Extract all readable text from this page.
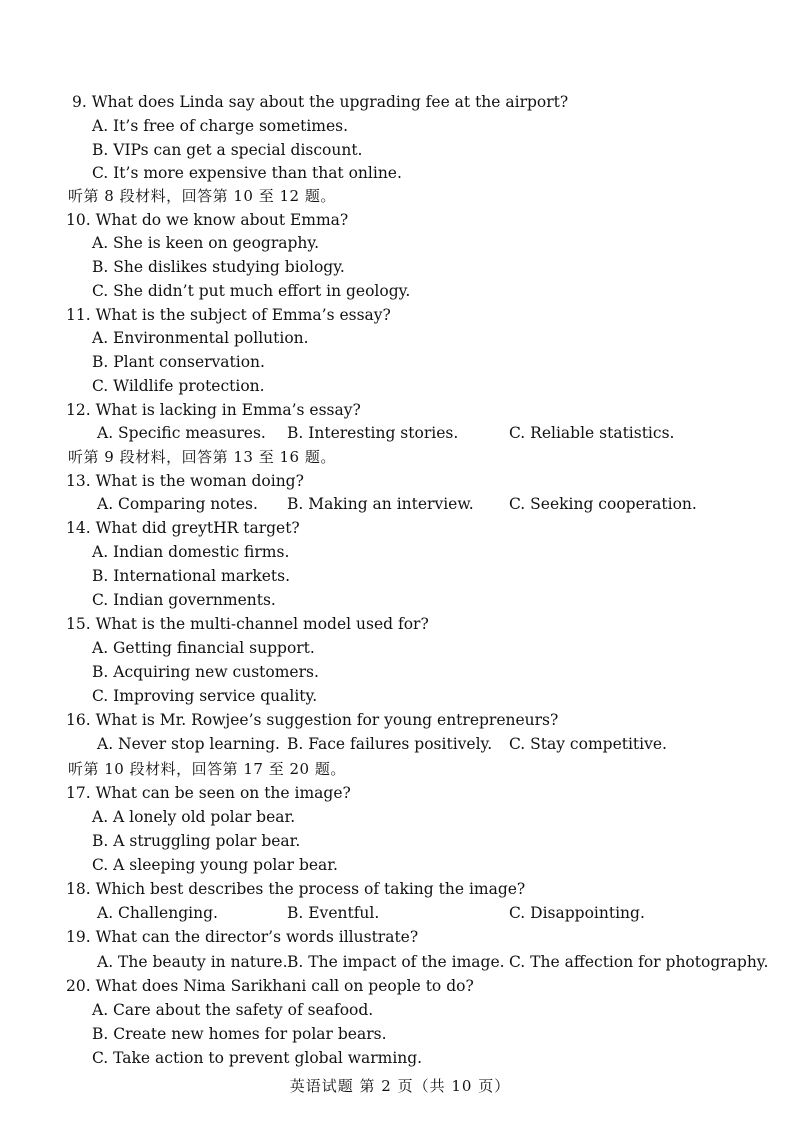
9. What does Linda say about the upgrading fee at the airport?
A. It’s free of charge sometimes.
B. VIPs can get a special discount.
C. It’s more expensive than that online.
听第 8 段材料，回答第 10 至 12 题。
10. What do we know about Emma?
A. She is keen on geography.
B. She dislikes studying biology.
C. She didn’t put much effort in geology.
11. What is the subject of Emma’s essay?
A. Environmental pollution.
B. Plant conservation.
C. Wildlife protection.
12. What is lacking in Emma’s essay?
A. Specific measures. B. Interesting stories.	C. Reliable statistics.
听第 9 段材料，回答第 13 至 16 题。
13. What is the woman doing?
A. Comparing notes. B. Making an interview. C. Seeking cooperation.
14. What did greytHR target?
A. Indian domestic firms.
B. International markets.
C. Indian governments.
15. What is the multi-channel model used for?
A. Getting financial support.
B. Acquiring new customers.
C. Improving service quality.
16. What is Mr. Rowjee’s suggestion for young entrepreneurs?
A. Never stop learning. B. Face failures positively. C. Stay competitive.
听第 10 段材料，回答第 17 至 20 题。
17. What can be seen on the image?
A. A lonely old polar bear.
B. A struggling polar bear.
C. A sleeping young polar bear.
18. Which best describes the process of taking the image?
A. Challenging.	B. Eventful.	C. Disappointing.
19. What can the director’s words illustrate?
A. The beauty in nature. B. The impact of the image. C. The affection for photography.
20. What does Nima Sarikhani call on people to do?
A. Care about the safety of seafood.
B. Create new homes for polar bears.
C. Take action to prevent global warming.
英语试题 第 2 页（共 10 页）
